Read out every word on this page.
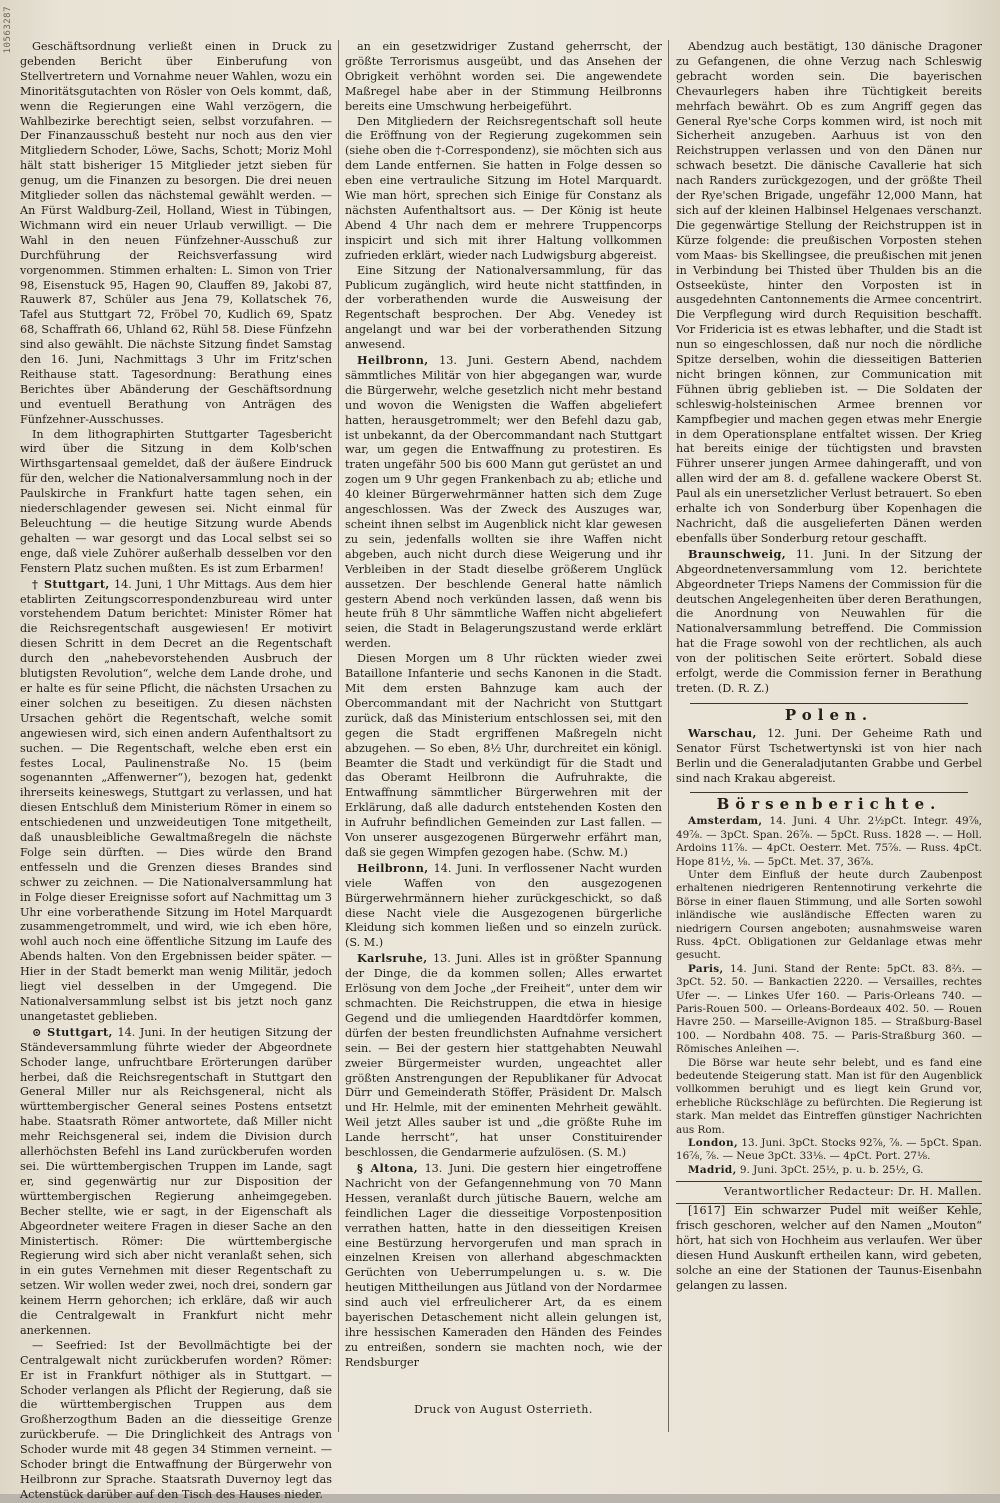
10563287	Geschäftsordnung verließt einen in Druck zu gebenden Bericht über Einberufung von Stellvertretern und Vornahme neuer Wahlen, wozu ein Minoritätsgutachten von Rösler von Oels kommt, daß, wenn die Regierungen eine Wahl verzögern, die Wahlbezirke berechtigt seien, selbst vorzufahren. — Der Finanzausschuß besteht nur noch aus den vier Mitgliedern Schoder, Löwe, Sachs, Schott; Moriz Mohl hält statt bisheriger 15 Mitglieder jetzt sieben für genug, um die Finanzen zu besorgen. Die drei neuen Mitglieder sollen das nächstemal gewählt werden. — An Fürst Waldburg-Zeil, Holland, Wiest in Tübingen, Wichmann wird ein neuer Urlaub verwilligt. — Die Wahl in den neuen Fünfzehner-Ausschuß zur Durchführung der Reichsverfassung wird vorgenommen. Stimmen erhalten: L. Simon von Trier 98, Eisenstuck 95, Hagen 90, Clauffen 89, Jakobi 87, Rauwerk 87, Schüler aus Jena 79, Kollatschek 76, Tafel aus Stuttgart 72, Fröbel 70, Kudlich 69, Spatz 68, Schaffrath 66, Uhland 62, Rühl 58. Diese Fünfzehn sind also gewählt. Die nächste Sitzung findet Samstag den 16. Juni, Nachmittags 3 Uhr im Fritz'schen Reithause statt. Tagesordnung: Berathung eines Berichtes über Abänderung der Geschäftsordnung und eventuell Berathung von Anträgen des Fünfzehner-Ausschusses.

In dem lithographirten Stuttgarter Tagesbericht wird über die Sitzung in dem Kolb'schen Wirthsgartensaal gemeldet, daß der äußere Eindruck für den, welcher die Nationalversammlung noch in der Paulskirche in Frankfurt hatte tagen sehen, ein niederschlagender gewesen sei. Nicht einmal für Beleuchtung — die heutige Sitzung wurde Abends gehalten — war gesorgt und das Local selbst sei so enge, daß viele Zuhörer außerhalb desselben vor den Fenstern Platz suchen mußten. Es ist zum Erbarmen!

† Stuttgart, 14. Juni, 1 Uhr Mittags. Aus dem hier etablirten Zeitungscorrespondenzbureau wird unter vorstehendem Datum berichtet: Minister Römer hat die Reichsregentschaft ausgewiesen! Er motivirt diesen Schritt in dem Decret an die Regentschaft durch den „nahebevorstehenden Ausbruch der blutigsten Revolution“, welche dem Lande drohe, und er halte es für seine Pflicht, die nächsten Ursachen zu einer solchen zu beseitigen. Zu diesen nächsten Ursachen gehört die Regentschaft, welche somit angewiesen wird, sich einen andern Aufenthaltsort zu suchen. — Die Regentschaft, welche eben erst ein festes Local, Paulinenstraße No. 15 (beim sogenannten „Affenwerner“), bezogen hat, gedenkt ihrerseits keineswegs, Stuttgart zu verlassen, und hat diesen Entschluß dem Ministerium Römer in einem so entschiedenen und unzweideutigen Tone mitgetheilt, daß unausbleibliche Gewaltmaßregeln die nächste Folge sein dürften. — Dies würde den Brand entfesseln und die Grenzen dieses Brandes sind schwer zu zeichnen. — Die Nationalversammlung hat in Folge dieser Ereignisse sofort auf Nachmittag um 3 Uhr eine vorberathende Sitzung im Hotel Marquardt zusammengetrommelt, und wird, wie ich eben höre, wohl auch noch eine öffentliche Sitzung im Laufe des Abends halten. Von den Ergebnissen beider später. — Hier in der Stadt bemerkt man wenig Militär, jedoch liegt viel desselben in der Umgegend. Die Nationalversammlung selbst ist bis jetzt noch ganz unangetastet geblieben.

⊙ Stuttgart, 14. Juni. In der heutigen Sitzung der Ständeversammlung führte wieder der Abgeordnete Schoder lange, unfruchtbare Erörterungen darüber herbei, daß die Reichsregentschaft in Stuttgart den General Miller nur als Reichsgeneral, nicht als württembergischer General seines Postens entsetzt habe. Staatsrath Römer antwortete, daß Miller nicht mehr Reichsgeneral sei, indem die Division durch allerhöchsten Befehl ins Land zurückberufen worden sei. Die württembergischen Truppen im Lande, sagt er, sind gegenwärtig nur zur Disposition der württembergischen Regierung anheimgegeben. Becher stellte, wie er sagt, in der Eigenschaft als Abgeordneter weitere Fragen in dieser Sache an den Ministertisch. Römer: Die württembergische Regierung wird sich aber nicht veranlaßt sehen, sich in ein gutes Vernehmen mit dieser Regentschaft zu setzen. Wir wollen weder zwei, noch drei, sondern gar keinem Herrn gehorchen; ich erkläre, daß wir auch die Centralgewalt in Frankfurt nicht mehr anerkennen.

— Seefried: Ist der Bevollmächtigte bei der Centralgewalt nicht zurückberufen worden? Römer: Er ist in Frankfurt nöthiger als in Stuttgart. — Schoder verlangen als Pflicht der Regierung, daß sie die württembergischen Truppen aus dem Großherzogthum Baden an die diesseitige Grenze zurückberufe. — Die Dringlichkeit des Antrags von Schoder wurde mit 48 gegen 34 Stimmen verneint. — Schoder bringt die Entwaffnung der Bürgerwehr von Heilbronn zur Sprache. Staatsrath Duvernoy legt das Actenstück darüber auf den Tisch des Hauses nieder.

an ein gesetzwidriger Zustand geherrscht, der größte Terrorismus ausgeübt, und das Ansehen der Obrigkeit verhöhnt worden sei. Die angewendete Maßregel habe aber in der Stimmung Heilbronns bereits eine Umschwung herbeigeführt.

Den Mitgliedern der Reichsregentschaft soll heute die Eröffnung von der Regierung zugekommen sein (siehe oben die †-Correspondenz), sie möchten sich aus dem Lande entfernen. Sie hatten in Folge dessen so eben eine vertrauliche Sitzung im Hotel Marquardt. Wie man hört, sprechen sich Einige für Constanz als nächsten Aufenthaltsort aus. — Der König ist heute Abend 4 Uhr nach dem er mehrere Truppencorps inspicirt und sich mit ihrer Haltung vollkommen zufrieden erklärt, wieder nach Ludwigsburg abgereist.

Eine Sitzung der Nationalversammlung, für das Publicum zugänglich, wird heute nicht stattfinden, in der vorberathenden wurde die Ausweisung der Regentschaft besprochen. Der Abg. Venedey ist angelangt und war bei der vorberathenden Sitzung anwesend.

Heilbronn, 13. Juni. Gestern Abend, nachdem sämmtliches Militär von hier abgegangen war, wurde die Bürgerwehr, welche gesetzlich nicht mehr bestand und wovon die Wenigsten die Waffen abgeliefert hatten, herausgetrommelt; wer den Befehl dazu gab, ist unbekannt, da der Obercommandant nach Stuttgart war, um gegen die Entwaffnung zu protestiren. Es traten ungefähr 500 bis 600 Mann gut gerüstet an und zogen um 9 Uhr gegen Frankenbach zu ab; etliche und 40 kleiner Bürgerwehrmänner hatten sich dem Zuge angeschlossen. Was der Zweck des Auszuges war, scheint ihnen selbst im Augenblick nicht klar gewesen zu sein, jedenfalls wollten sie ihre Waffen nicht abgeben, auch nicht durch diese Weigerung und ihr Verbleiben in der Stadt dieselbe größerem Unglück aussetzen. Der beschlende General hatte nämlich gestern Abend noch verkünden lassen, daß wenn bis heute früh 8 Uhr sämmtliche Waffen nicht abgeliefert seien, die Stadt in Belagerungszustand werde erklärt werden.

Diesen Morgen um 8 Uhr rückten wieder zwei Bataillone Infanterie und sechs Kanonen in die Stadt. Mit dem ersten Bahnzuge kam auch der Obercommandant mit der Nachricht von Stuttgart zurück, daß das Ministerium entschlossen sei, mit den gegen die Stadt ergriffenen Maßregeln nicht abzugehen. — So eben, 8½ Uhr, durchreitet ein königl. Beamter die Stadt und verkündigt für die Stadt und das Oberamt Heilbronn die Aufruhrakte, die Entwaffnung sämmtlicher Bürgerwehren mit der Erklärung, daß alle dadurch entstehenden Kosten den in Aufruhr befindlichen Gemeinden zur Last fallen. — Von unserer ausgezogenen Bürgerwehr erfährt man, daß sie gegen Wimpfen gezogen habe. (Schw. M.)

Heilbronn, 14. Juni. In verflossener Nacht wurden viele Waffen von den ausgezogenen Bürgerwehrmännern hieher zurückgeschickt, so daß diese Nacht viele die Ausgezogenen bürgerliche Kleidung sich kommen ließen und so einzeln zurück. (S. M.)

Karlsruhe, 13. Juni. Alles ist in größter Spannung der Dinge, die da kommen sollen; Alles erwartet Erlösung von dem Joche „der Freiheit“, unter dem wir schmachten. Die Reichstruppen, die etwa in hiesige Gegend und die umliegenden Haardtdörfer kommen, dürfen der besten freundlichsten Aufnahme versichert sein. — Bei der gestern hier stattgehabten Neuwahl zweier Bürgermeister wurden, ungeachtet aller größten Anstrengungen der Republikaner für Advocat Dürr und Gemeinderath Stöffer, Präsident Dr. Malsch und Hr. Helmle, mit der eminenten Mehrheit gewählt. Weil jetzt Alles sauber ist und „die größte Ruhe im Lande herrscht“, hat unser Constituirender beschlossen, die Gendarmerie aufzulösen. (S. M.)

§ Altona, 13. Juni. Die gestern hier eingetroffene Nachricht von der Gefangennehmung von 70 Mann Hessen, veranlaßt durch jütische Bauern, welche am feindlichen Lager die diesseitige Vorpostenposition verrathen hatten, hatte in den diesseitigen Kreisen eine Bestürzung hervorgerufen und man sprach in einzelnen Kreisen von allerhand abgeschmackten Gerüchten von Ueberrumpelungen u. s. w. Die heutigen Mittheilungen aus Jütland von der Nordarmee sind auch viel erfreulicherer Art, da es einem bayerischen Detaschement nicht allein gelungen ist, ihre hessischen Kameraden den Händen des Feindes zu entreißen, sondern sie machten noch, wie der Rendsburger

Abendzug auch bestätigt, 130 dänische Dragoner zu Gefangenen, die ohne Verzug nach Schleswig gebracht worden sein. Die bayerischen Chevaurlegers haben ihre Tüchtigkeit bereits mehrfach bewährt. Ob es zum Angriff gegen das General Rye'sche Corps kommen wird, ist noch mit Sicherheit anzugeben. Aarhuus ist von den Reichstruppen verlassen und von den Dänen nur schwach besetzt. Die dänische Cavallerie hat sich nach Randers zurückgezogen, und der größte Theil der Rye'schen Brigade, ungefähr 12,000 Mann, hat sich auf der kleinen Halbinsel Helgenaes verschanzt. Die gegenwärtige Stellung der Reichstruppen ist in Kürze folgende: die preußischen Vorposten stehen vom Maas- bis Skellingsee, die preußischen mit jenen in Verbindung bei Thisted über Thulden bis an die Ostseeküste, hinter den Vorposten ist in ausgedehnten Cantonnements die Armee concentrirt. Die Verpflegung wird durch Requisition beschafft. Vor Fridericia ist es etwas lebhafter, und die Stadt ist nun so eingeschlossen, daß nur noch die nördliche Spitze derselben, wohin die diesseitigen Batterien nicht bringen können, zur Communication mit Fühnen übrig geblieben ist. — Die Soldaten der schleswig-holsteinischen Armee brennen vor Kampfbegier und machen gegen etwas mehr Energie in dem Operationsplane entfaltet wissen. Der Krieg hat bereits einige der tüchtigsten und bravsten Führer unserer jungen Armee dahingerafft, und von allen wird der am 8. d. gefallene wackere Oberst St. Paul als ein unersetzlicher Verlust betrauert. So eben erhalte ich von Sonderburg über Kopenhagen die Nachricht, daß die ausgelieferten Dänen werden ebenfalls über Sonderburg retour geschafft.

Braunschweig, 11. Juni. In der Sitzung der Abgeordnetenversammlung vom 12. berichtete Abgeordneter Trieps Namens der Commission für die deutschen Angelegenheiten über deren Berathungen, die Anordnung von Neuwahlen für die Nationalversammlung betreffend. Die Commission hat die Frage sowohl von der rechtlichen, als auch von der politischen Seite erörtert. Sobald diese erfolgt, werde die Commission ferner in Berathung treten. (D. R. Z.)

Polen.

Warschau, 12. Juni. Der Geheime Rath und Senator Fürst Tschetwertynski ist von hier nach Berlin und die Generaladjutanten Grabbe und Gerbel sind nach Krakau abgereist.

Börsenberichte.

Amsterdam, 14. Juni. 4 Uhr. 2½pCt. Integr. 49⅞, 49⅞. — 3pCt. Span. 26⅞. — 5pCt. Russ. 1828 —. — Holl. Ardoins 11⅞. — 4pCt. Oesterr. Met. 75⅞. — Russ. 4pCt. Hope 81½, ⅛. — 5pCt. Met. 37, 36⅞.

Unter dem Einfluß der heute durch Zaubenpost erhaltenen niedrigeren Rentennotirung verkehrte die Börse in einer flauen Stimmung, und alle Sorten sowohl inländische wie ausländische Effecten waren zu niedrigern Coursen angeboten; ausnahmsweise waren Russ. 4pCt. Obligationen zur Geldanlage etwas mehr gesucht.

Paris, 14. Juni. Stand der Rente: 5pCt. 83. 8⅔. — 3pCt. 52. 50. — Bankactien 2220. — Versailles, rechtes Ufer —. — Linkes Ufer 160. — Paris-Orleans 740. — Paris-Rouen 500. — Orleans-Bordeaux 402. 50. — Rouen Havre 250. — Marseille-Avignon 185. — Straßburg-Basel 100. — Nordbahn 408. 75. — Paris-Straßburg 360. — Römisches Anleihen —.

Die Börse war heute sehr belebt, und es fand eine bedeutende Steigerung statt. Man ist für den Augenblick vollkommen beruhigt und es liegt kein Grund vor, erhebliche Rückschläge zu befürchten. Die Regierung ist stark. Man meldet das Eintreffen günstiger Nachrichten aus Rom.

London, 13. Juni. 3pCt. Stocks 92⅞, ⅞. — 5pCt. Span. 16⅞, ⅞. — Neue 3pCt. 33⅛. — 4pCt. Port. 27⅛.

Madrid, 9. Juni. 3pCt. 25½, p. u. b. 25½, G.

Verantwortlicher Redacteur: Dr. H. Mallen.

[1617] Ein schwarzer Pudel mit weißer Kehle, frisch geschoren, welcher auf den Namen „Mouton“ hört, hat sich von Hochheim aus verlaufen. Wer über diesen Hund Auskunft ertheilen kann, wird gebeten, solche an eine der Stationen der Taunus-Eisenbahn gelangen zu lassen.

Druck von August Osterrieth.
